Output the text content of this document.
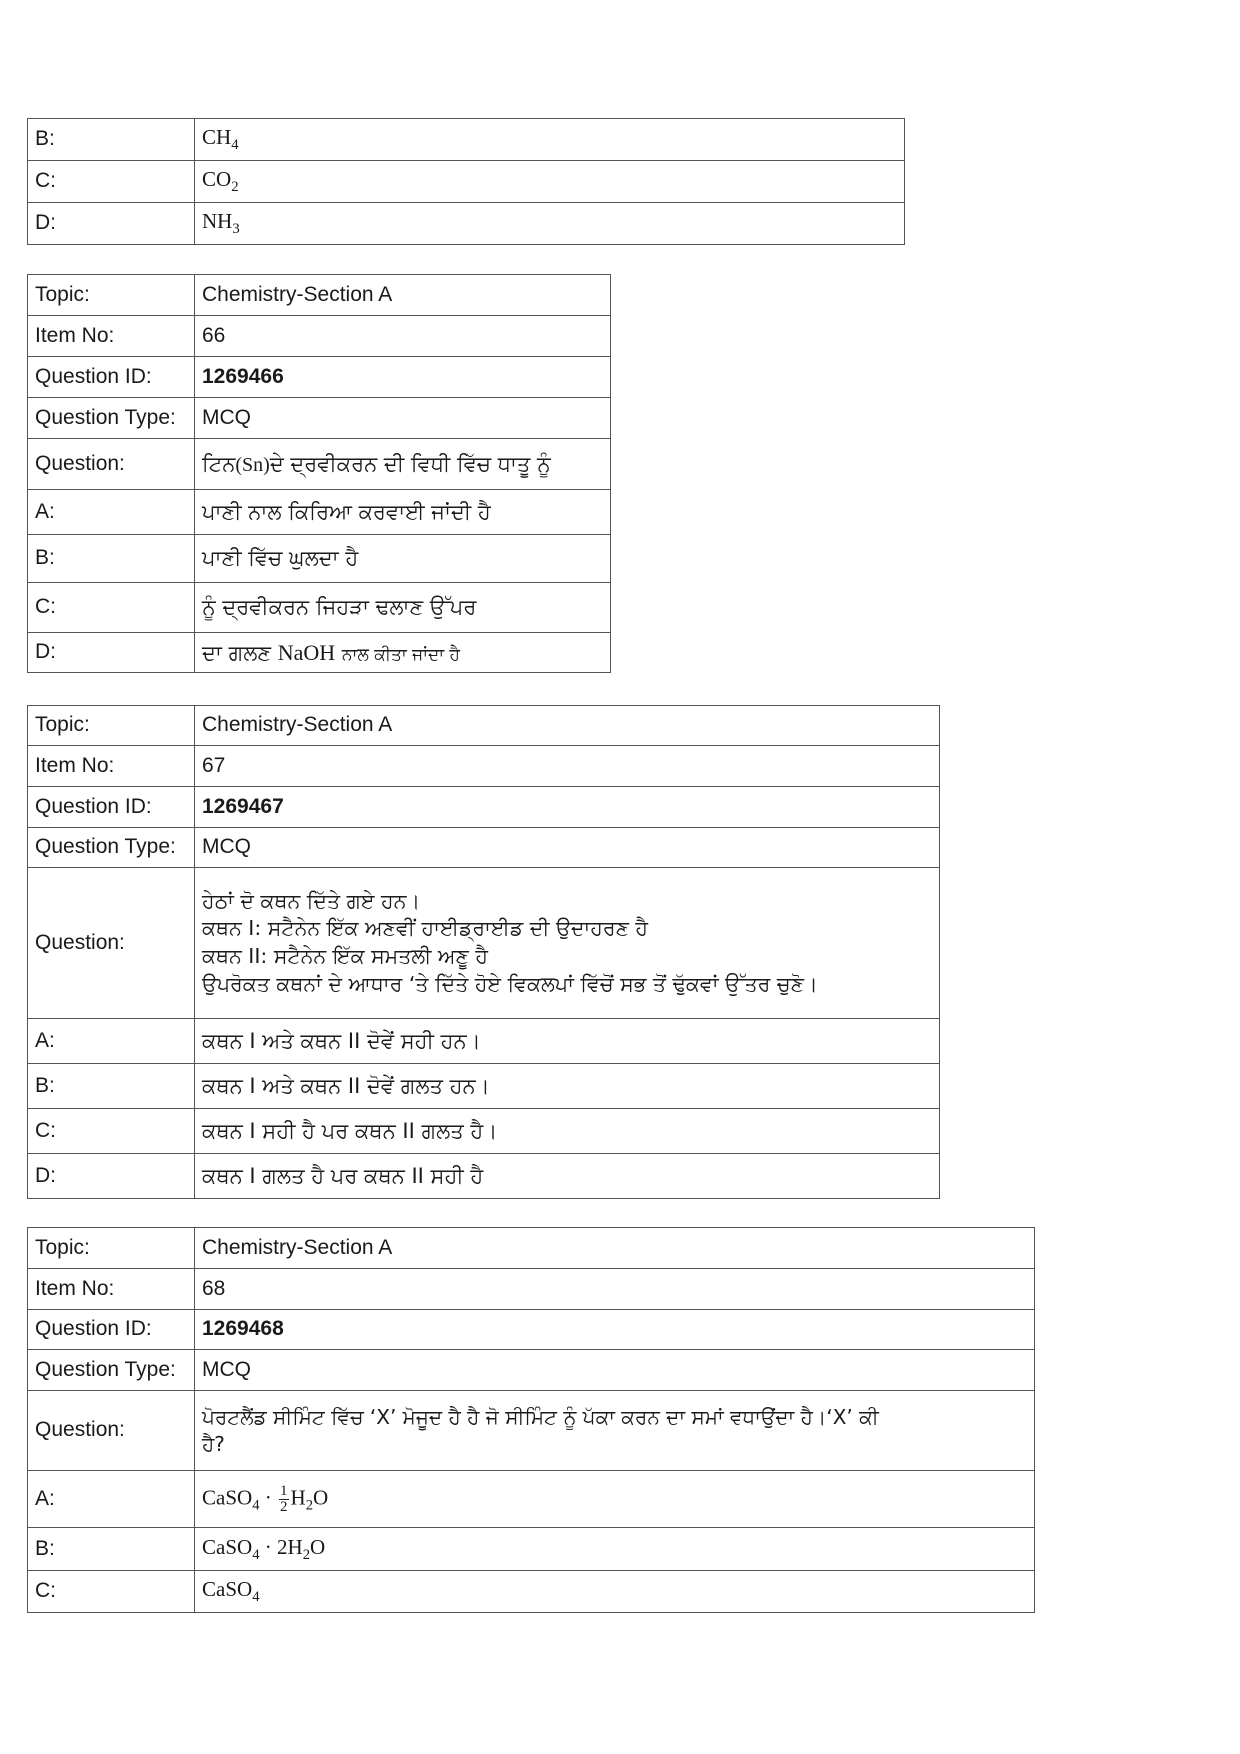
B:	$CH_4$
C:	$CO_2$
D:	$NH_3$
Topic:	Chemistry-Section A
Item No:	66
Question ID:	1269466
Question Type:	MCQ
Question:	ਟਿਨ(Sn)ਦੇ ਦ੍ਰਵੀਕਰਨ ਦੀ ਵਿਧੀ ਵਿੱਚ ਧਾਤੂ ਨੂੰ
A:	ਪਾਣੀ ਨਾਲ ਕਿਰਿਆ ਕਰਵਾਈ ਜਾਂਦੀ ਹੈ
B:	ਪਾਣੀ ਵਿੱਚ ਘੁਲਦਾ ਹੈ
C:	ਨੂੰ ਦ੍ਰਵੀਕਰਨ ਜਿਹੜਾ ਢਲਾਣ ਉੱਪਰ
D:	ਦਾ ਗਲਣ NaOH ਨਾਲ ਕੀਤਾ ਜਾਂਦਾ ਹੈ
Topic:	Chemistry-Section A
Item No:	67
Question ID:	1269467
Question Type:	MCQ
Question:	ਹੇਠਾਂ ਦੋ ਕਥਨ ਦਿੱਤੇ ਗਏ ਹਨ।
ਕਥਨ I: ਸਟੈਨੇਨ ਇੱਕ ਅਣਵੀਂ ਹਾਈਡ੍ਰਾਈਡ ਦੀ ਉਦਾਹਰਣ ਹੈ
ਕਥਨ II: ਸਟੈਨੇਨ ਇੱਕ ਸਮਤਲੀ ਅਣੂ ਹੈ
ਉਪਰੋਕਤ ਕਥਨਾਂ ਦੇ ਆਧਾਰ ‘ਤੇ ਦਿੱਤੇ ਹੋਏ ਵਿਕਲਪਾਂ ਵਿੱਚੋਂ ਸਭ ਤੋਂ ਢੁੱਕਵਾਂ ਉੱਤਰ ਚੁਣੋ।

A:	ਕਥਨ I ਅਤੇ ਕਥਨ II ਦੋਵੇਂ ਸਹੀ ਹਨ।
B:	ਕਥਨ I ਅਤੇ ਕਥਨ II ਦੋਵੇਂ ਗਲਤ ਹਨ।
C:	ਕਥਨ I ਸਹੀ ਹੈ ਪਰ ਕਥਨ II ਗਲਤ ਹੈ।
D:	ਕਥਨ I ਗਲਤ ਹੈ ਪਰ ਕਥਨ II ਸਹੀ ਹੈ
Topic:	Chemistry-Section A
Item No:	68
Question ID:	1269468
Question Type:	MCQ
Question:	ਪੋਰਟਲੈਂਡ ਸੀਮਿੰਟ ਵਿੱਚ ‘X’ ਮੋਜੂਦ ਹੈ ਹੈ ਜੋ ਸੀਮਿੰਟ ਨੂੰ ਪੱਕਾ ਕਰਨ ਦਾ ਸਮਾਂ ਵਧਾਉਂਦਾ ਹੈ।‘X’ ਕੀ
ਹੈ?

A:	CaSO$_4$ · $\frac{1}{2} H_2O$
B:	CaSO$_4$ · $2H_2O$
C:	CaSO$_4$
